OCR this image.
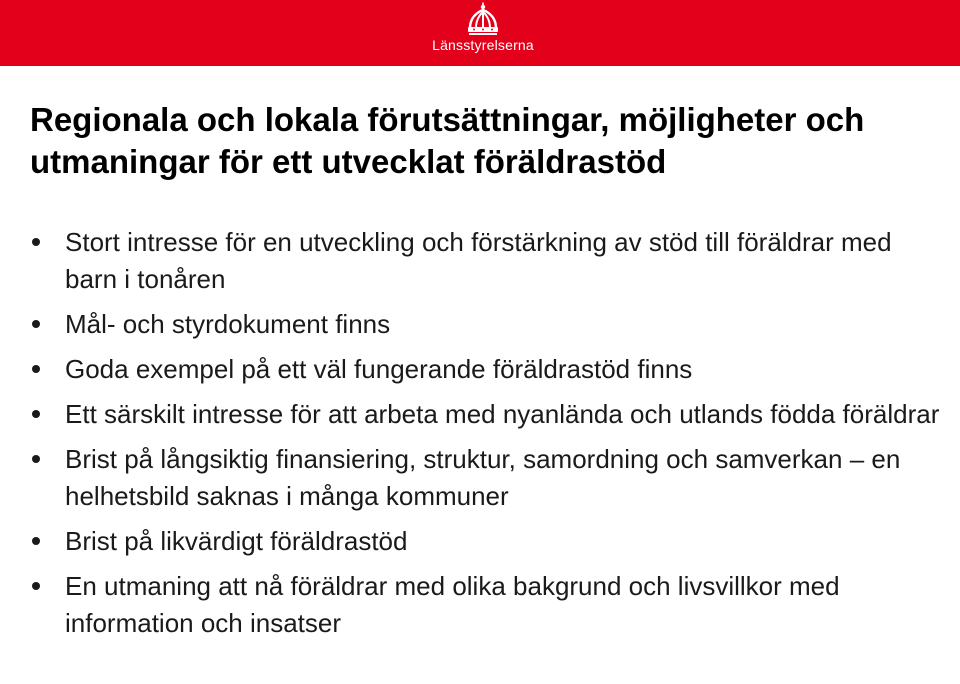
Länsstyrelserna
Regionala och lokala förutsättningar, möjligheter och utmaningar för ett utvecklat föräldrastöd
Stort intresse för en utveckling och förstärkning av stöd till föräldrar med barn i tonåren
Mål- och styrdokument finns
Goda exempel på ett väl fungerande föräldrastöd finns
Ett särskilt intresse för att arbeta med nyanlända och utlands födda föräldrar
Brist på långsiktig finansiering, struktur, samordning och samverkan – en helhetsbild saknas i många kommuner
Brist på likvärdigt föräldrastöd
En utmaning att nå föräldrar med olika bakgrund och livsvillkor med information och insatser
